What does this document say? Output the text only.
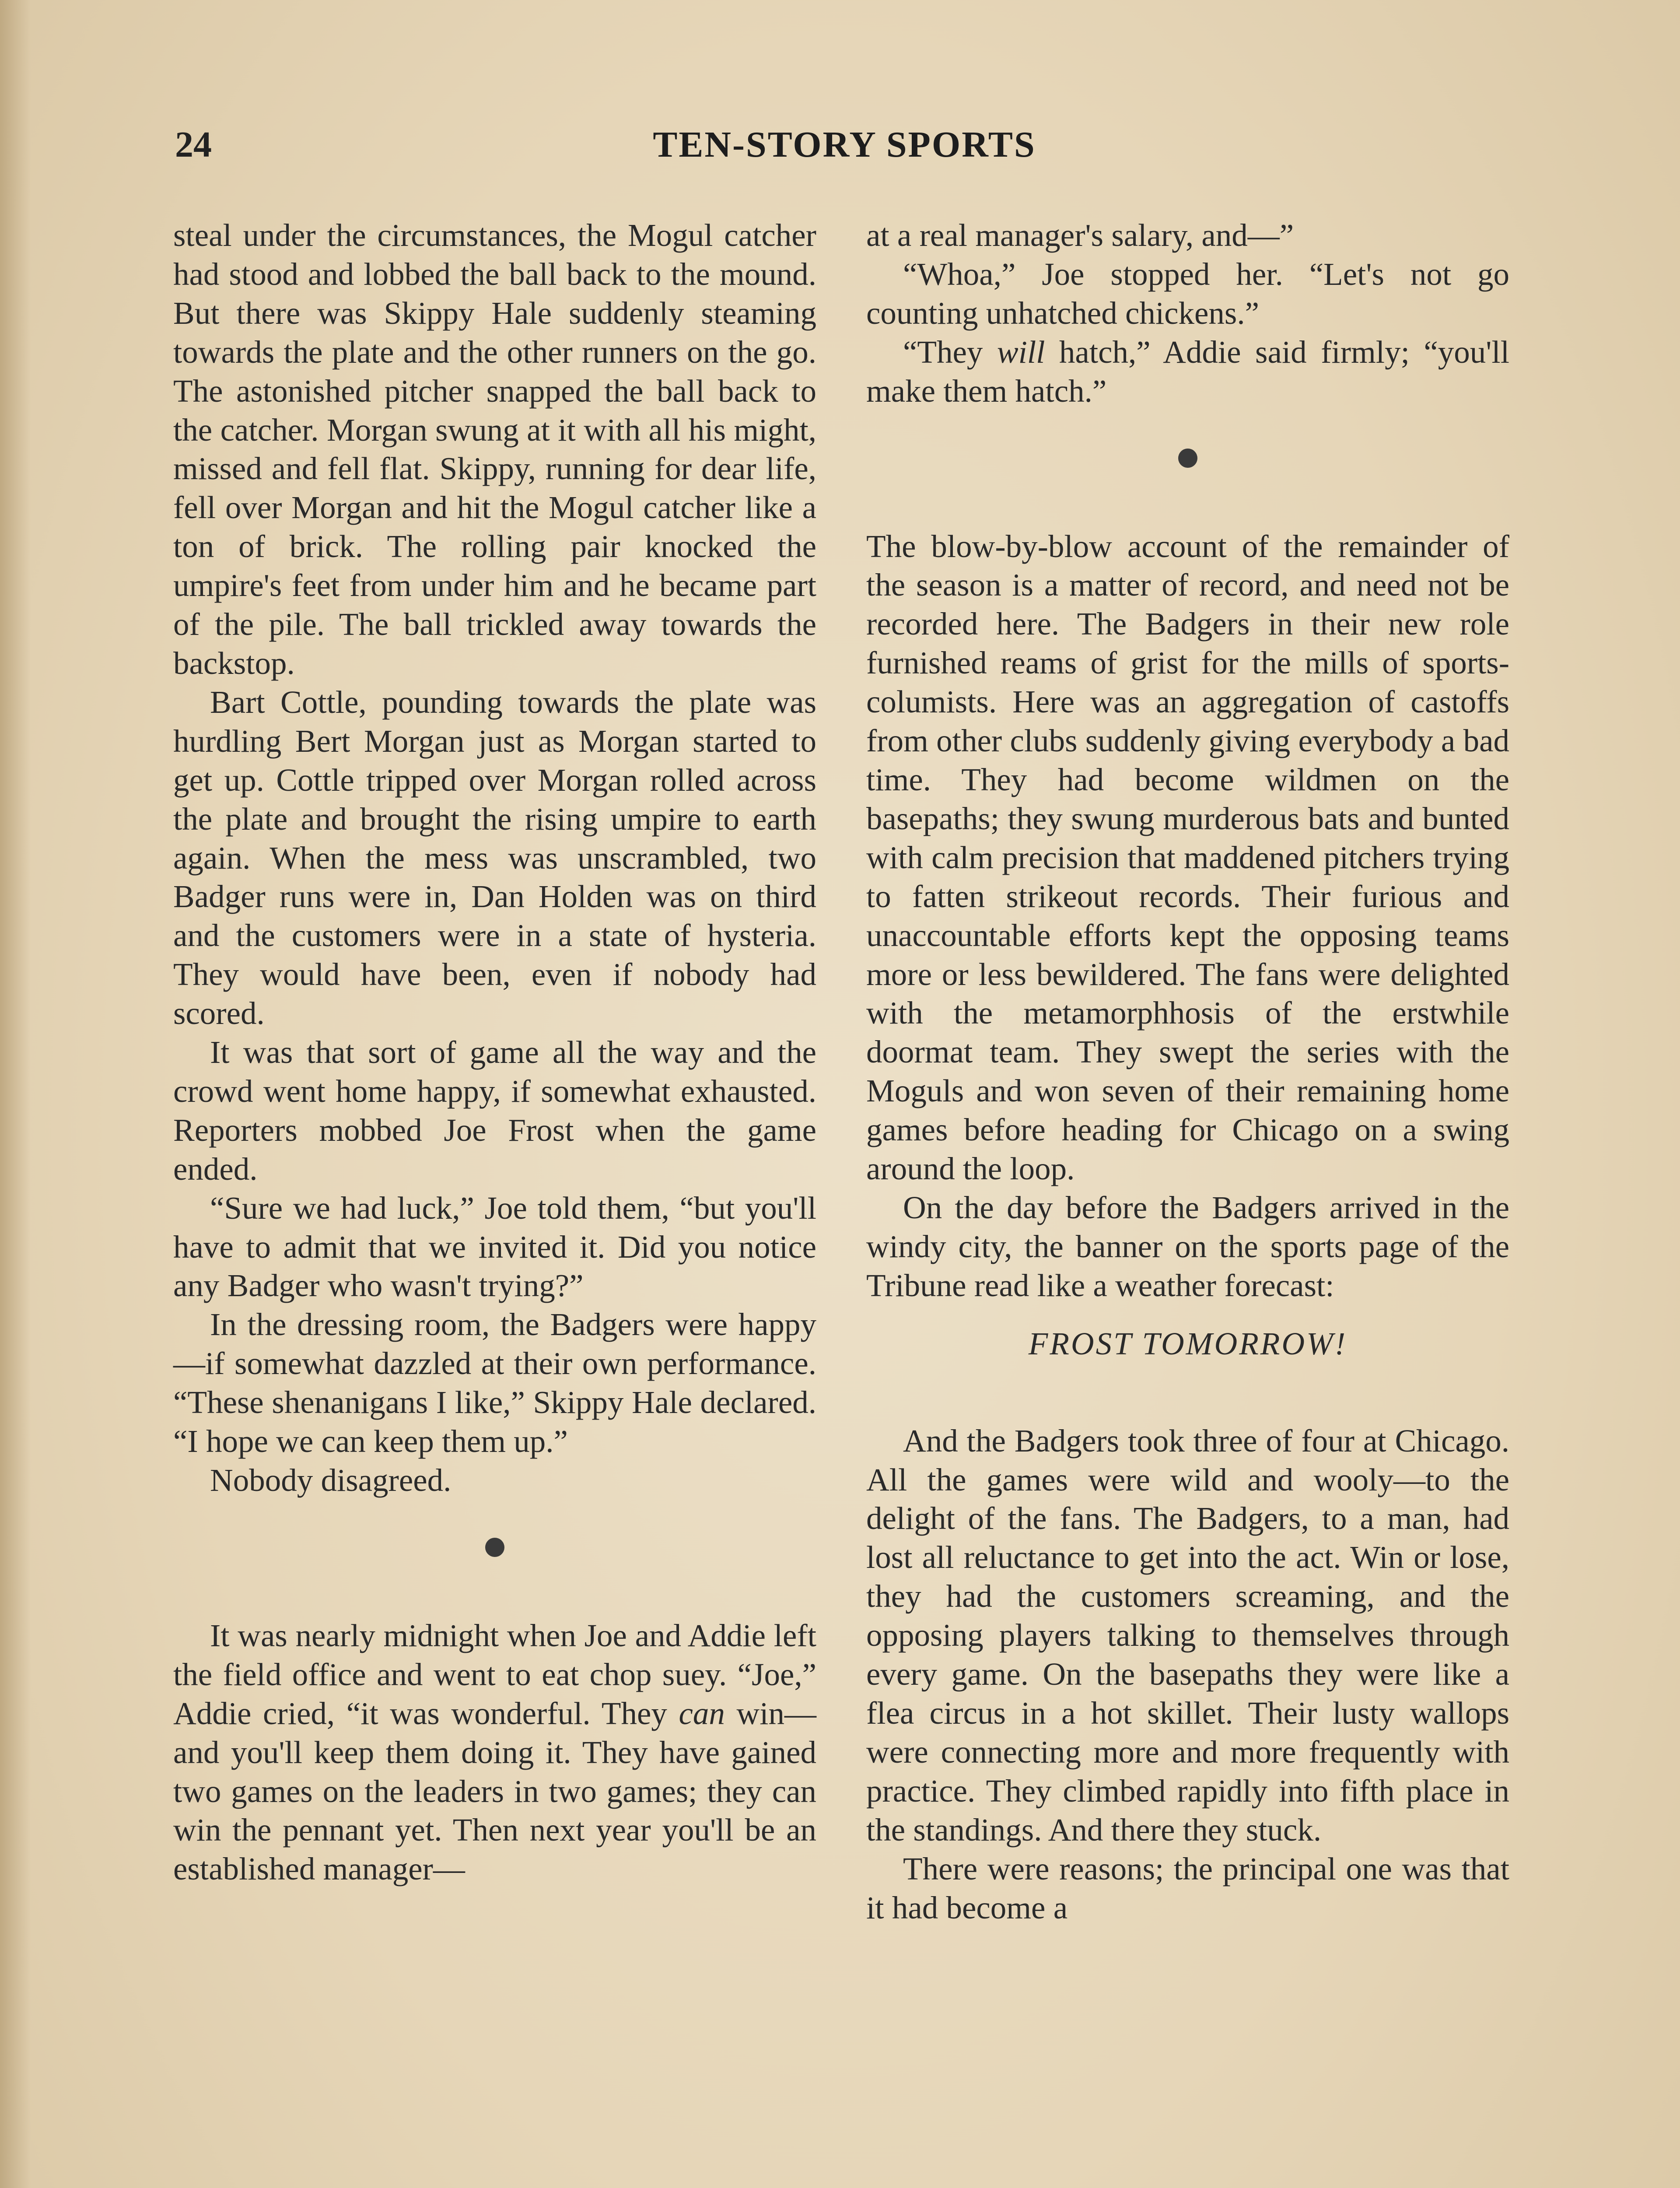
24	TEN-STORY SPORTS

steal under the circumstances, the Mogul catcher had stood and lobbed the ball back to the mound. But there was Skippy Hale suddenly steaming towards the plate and the other runners on the go. The astonished pitcher snapped the ball back to the catcher. Morgan swung at it with all his might, missed and fell flat. Skippy, running for dear life, fell over Morgan and hit the Mogul catcher like a ton of brick. The rolling pair knocked the umpire's feet from under him and he became part of the pile. The ball trickled away towards the backstop.

Bart Cottle, pounding towards the plate was hurdling Bert Morgan just as Morgan started to get up. Cottle tripped over Morgan rolled across the plate and brought the rising umpire to earth again. When the mess was unscrambled, two Badger runs were in, Dan Holden was on third and the customers were in a state of hysteria. They would have been, even if nobody had scored.

It was that sort of game all the way and the crowd went home happy, if somewhat exhausted. Reporters mobbed Joe Frost when the game ended.

“Sure we had luck,” Joe told them, “but you'll have to admit that we invited it. Did you notice any Badger who wasn't trying?”

In the dressing room, the Badgers were happy—if somewhat dazzled at their own performance. “These shenanigans I like,” Skippy Hale declared. “I hope we can keep them up.”

Nobody disagreed.

It was nearly midnight when Joe and Addie left the field office and went to eat chop suey. “Joe,” Addie cried, “it was wonderful. They can win—and you'll keep them doing it. They have gained two games on the leaders in two games; they can win the pennant yet. Then next year you'll be an established manager—

at a real manager's salary, and—”

“Whoa,” Joe stopped her. “Let's not go counting unhatched chickens.”

“They will hatch,” Addie said firmly; “you'll make them hatch.”

The blow-by-blow account of the remainder of the season is a matter of record, and need not be recorded here. The Badgers in their new role furnished reams of grist for the mills of sports-columists. Here was an aggregation of castoffs from other clubs suddenly giving everybody a bad time. They had become wildmen on the basepaths; they swung murderous bats and bunted with calm precision that maddened pitchers trying to fatten strikeout records. Their furious and unaccountable efforts kept the opposing teams more or less bewildered. The fans were delighted with the metamorphhosis of the erstwhile doormat team. They swept the series with the Moguls and won seven of their remaining home games before heading for Chicago on a swing around the loop.

On the day before the Badgers arrived in the windy city, the banner on the sports page of the Tribune read like a weather forecast:

FROST TOMORROW!

And the Badgers took three of four at Chicago. All the games were wild and wooly—to the delight of the fans. The Badgers, to a man, had lost all reluctance to get into the act. Win or lose, they had the customers screaming, and the opposing players talking to themselves through every game. On the basepaths they were like a flea circus in a hot skillet. Their lusty wallops were connecting more and more frequently with practice. They climbed rapidly into fifth place in the standings. And there they stuck.

There were reasons; the principal one was that it had become a
